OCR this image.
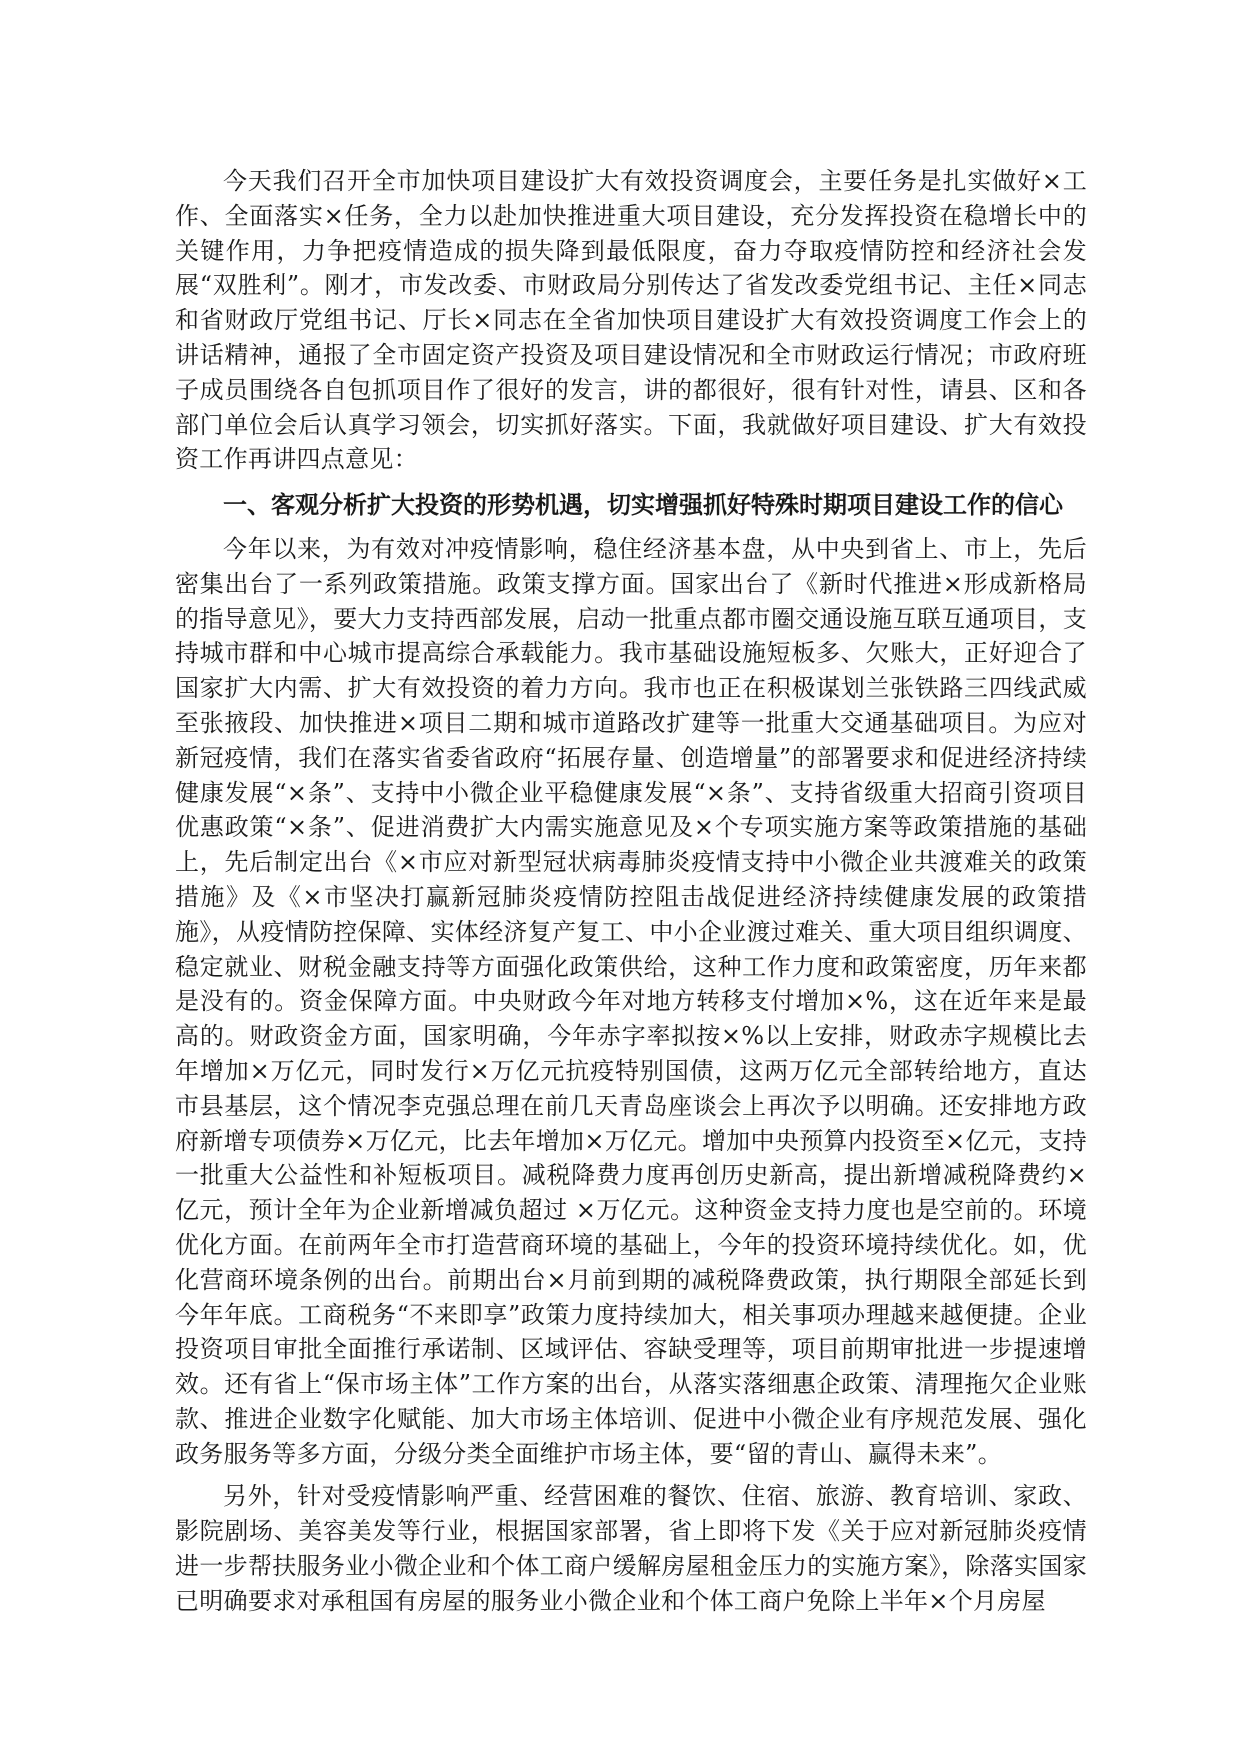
今天我们召开全市加快项目建设扩大有效投资调度会，主要任务是扎实做好×工作、全面落实×任务，全力以赴加快推进重大项目建设，充分发挥投资在稳增长中的关键作用，力争把疫情造成的损失降到最低限度，奋力夺取疫情防控和经济社会发展“双胜利”。刚才，市发改委、市财政局分别传达了省发改委党组书记、主任×同志和省财政厅党组书记、厅长×同志在全省加快项目建设扩大有效投资调度工作会上的讲话精神，通报了全市固定资产投资及项目建设情况和全市财政运行情况；市政府班子成员围绕各自包抓项目作了很好的发言，讲的都很好，很有针对性，请县、区和各部门单位会后认真学习领会，切实抓好落实。下面，我就做好项目建设、扩大有效投资工作再讲四点意见：

一、客观分析扩大投资的形势机遇，切实增强抓好特殊时期项目建设工作的信心

今年以来，为有效对冲疫情影响，稳住经济基本盘，从中央到省上、市上，先后密集出台了一系列政策措施。政策支撑方面。国家出台了《新时代推进×形成新格局的指导意见》，要大力支持西部发展，启动一批重点都市圈交通设施互联互通项目，支持城市群和中心城市提高综合承载能力。我市基础设施短板多、欠账大，正好迎合了国家扩大内需、扩大有效投资的着力方向。我市也正在积极谋划兰张铁路三四线武威至张掖段、加快推进×项目二期和城市道路改扩建等一批重大交通基础项目。为应对新冠疫情，我们在落实省委省政府“拓展存量、创造增量”的部署要求和促进经济持续健康发展“×条”、支持中小微企业平稳健康发展“×条”、支持省级重大招商引资项目优惠政策“×条”、促进消费扩大内需实施意见及×个专项实施方案等政策措施的基础上，先后制定出台《×市应对新型冠状病毒肺炎疫情支持中小微企业共渡难关的政策措施》及《×市坚决打赢新冠肺炎疫情防控阻击战促进经济持续健康发展的政策措施》，从疫情防控保障、实体经济复产复工、中小企业渡过难关、重大项目组织调度、稳定就业、财税金融支持等方面强化政策供给，这种工作力度和政策密度，历年来都是没有的。资金保障方面。中央财政今年对地方转移支付增加×%，这在近年来是最高的。财政资金方面，国家明确，今年赤字率拟按×%以上安排，财政赤字规模比去年增加×万亿元，同时发行×万亿元抗疫特别国债，这两万亿元全部转给地方，直达市县基层，这个情况李克强总理在前几天青岛座谈会上再次予以明确。还安排地方政府新增专项债券×万亿元，比去年增加×万亿元。增加中央预算内投资至×亿元，支持一批重大公益性和补短板项目。减税降费力度再创历史新高，提出新增减税降费约×亿元，预计全年为企业新增减负超过 ×万亿元。这种资金支持力度也是空前的。环境优化方面。在前两年全市打造营商环境的基础上，今年的投资环境持续优化。如，优化营商环境条例的出台。前期出台×月前到期的减税降费政策，执行期限全部延长到今年年底。工商税务“不来即享”政策力度持续加大，相关事项办理越来越便捷。企业投资项目审批全面推行承诺制、区域评估、容缺受理等，项目前期审批进一步提速增效。还有省上“保市场主体”工作方案的出台，从落实落细惠企政策、清理拖欠企业账款、推进企业数字化赋能、加大市场主体培训、促进中小微企业有序规范发展、强化政务服务等多方面，分级分类全面维护市场主体，要“留的青山、赢得未来”。

另外，针对受疫情影响严重、经营困难的餐饮、住宿、旅游、教育培训、家政、影院剧场、美容美发等行业，根据国家部署，省上即将下发《关于应对新冠肺炎疫情进一步帮扶服务业小微企业和个体工商户缓解房屋租金压力的实施方案》，除落实国家已明确要求对承租国有房屋的服务业小微企业和个体工商户免除上半年×个月房屋
